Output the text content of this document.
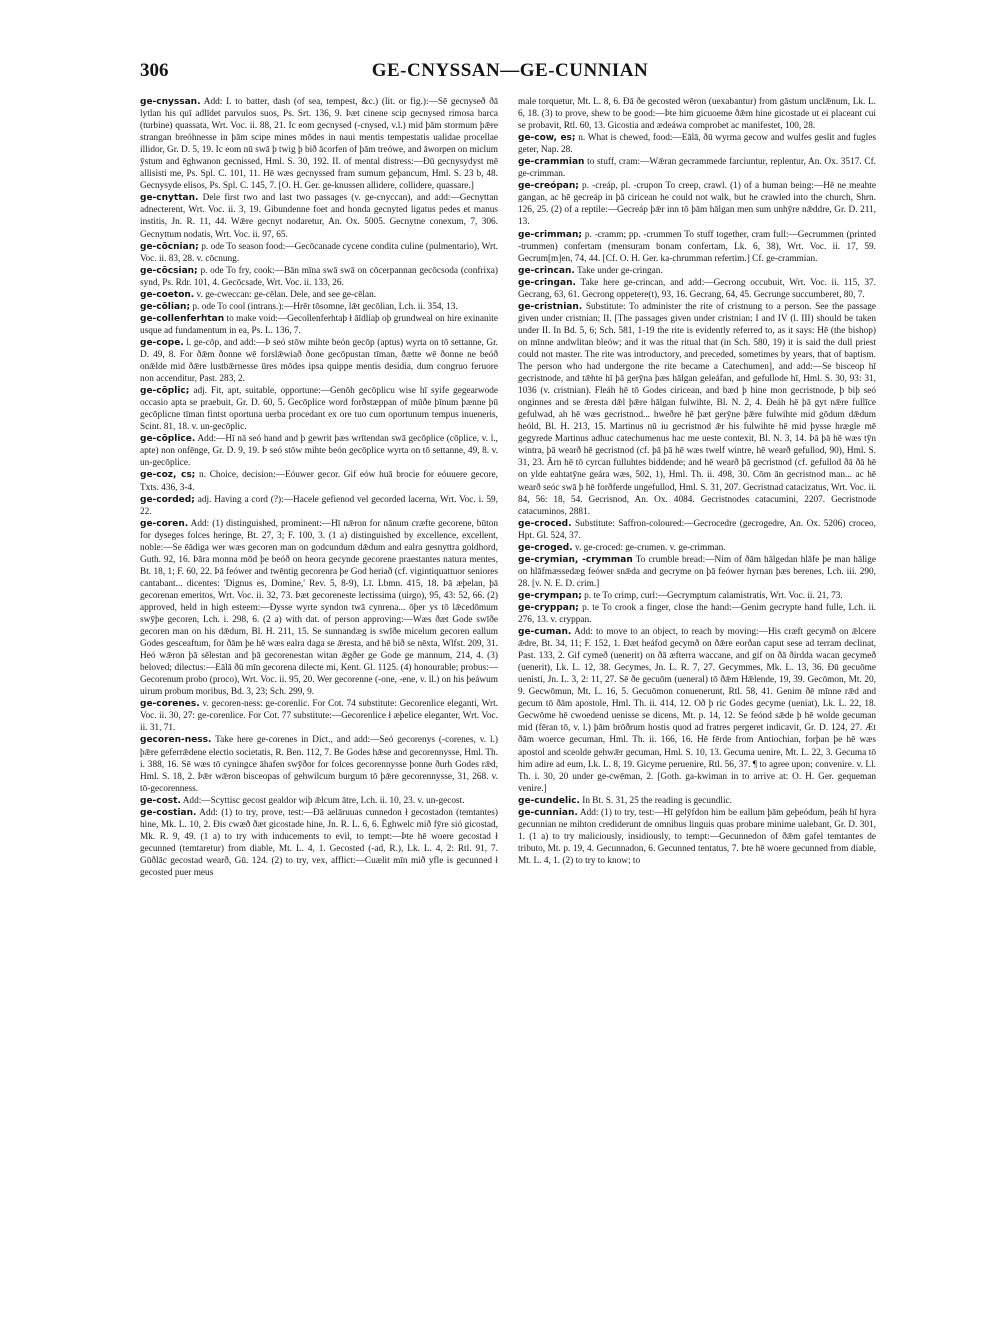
306	GE-CNYSSAN—GE-CUNNIAN

ge-cnyssan. Add: I. to batter, dash (of sea, tempest, &c.) (lit. or fig.):—Sē gecnyseð ðā lytlan his quī adlīdet parvulos suos, Ps. Srt. 136, 9. Þæt cinene scip gecnysed rimosa barca (turbine) quassata, Wrt. Voc. ii. 88, 21. Ic eom gecnysed (-cnysed, v.l.) mid þām stormum þǣre strangan breóhnesse in þām scipe mines mōdes in naui mentis tempestatis ualidae procellae illidor, Gr. D. 5, 19. Ic eom nū swā þ twig þ bið ācorfen of þām treówe, and āworpen on miclum ȳstum and ēghwanon gecnissed, Hml. S. 30, 192. II. of mental distress:—Ðū gecnysydyst mē allisisti me, Ps. Spl. C. 101, 11. Hē wæs gecnyssed fram sumum geþancum, Hml. S. 23 b, 48. Gecnysyde elisos, Ps. Spl. C. 145, 7. [O. H. Ger. ge-knussen allidere, collidere, quassare.]

ge-cnyttan. Dele first two and last two passages (v. ge-cnyccan), and add:—Gecnyttan adnecterent, Wrt. Voc. ii. 3, 19. Gibundenne foet and honda gecnyted ligatus pedes et manus institis, Jn. R. 11, 44. Wǣre gecnyt nodaretur, An. Ox. 5005. Gecnytne conexum, 7, 306. Gecnyttum nodatis, Wrt. Voc. ii. 97, 65.

ge-cōcnian; p. ode To season food:—Gecōcanade cycene condita culine (pulmentario), Wrt. Voc. ii. 83, 28. v. cōcnung.

ge-cōcsian; p. ode To fry, cook:—Bān mīna swā swā on cōcerpannan gecōcsoda (confrixa) synd, Ps. Rdr. 101, 4. Gecōcsade, Wrt. Voc. ii. 133, 26.

ge-coeton. v. ge-cweccan: ge-cēlan. Dele, and see ge-cēlan.

ge-cōlian; p. ode To cool (intrans.):—Hrēr tōsomne, lǣt gecōlian, Lch. ii. 354, 13.

ge-collenferhtan to make void:—Gecollenferhtaþ ł āīdliaþ oþ grundweal on hire exinanite usque ad fundamentum in ea, Ps. L. 136, 7.

ge-cope. l. ge-cōp, and add:—Þ seó stōw mihte beón gecōp (aptus) wyrta on tō settanne, Gr. D. 49, 8. For ðǣm ðonne wē forslǣwiað ðone gecōpustan tīman, ðætte wē ðonne ne beóð onǣlde mid ðǣre lustbǣrnesse ūres mōdes ipsa quippe mentis desidia, dum congruo feruore non accenditur, Past. 283, 2.

ge-cōplic; adj. Fit, apt, suitable, opportune:—Genōh gecōplicu wise hī syife gegearwode occasio apta se praebuit, Gr. D. 60, 5. Gecōplice word forðstæppan of mūðe þīnum þænne þū gecōplicne tīman fintst oportuna uerba procedant ex ore tuo cum oportunum tempus inueneris, Scint. 81, 18. v. un-gecōplic.

ge-cōplice. Add:—Hī nā seó hand and þ gewrit þæs wrītendan swā gecōplice (cōplice, v. l., apte) non onfēnge, Gr. D. 9, 19. Þ seó stōw mihte beón gecōplice wyrta on tō settanne, 49, 8. v. un-gecōplice.

ge-coz, cs; n. Choice, decision:—Eóuwer gecor. Gif eów huā brocie for eóuuere gecore, Txts. 436, 3-4.

ge-corded; adj. Having a cord (?):—Hacele gefienod vel gecorded lacerna, Wrt. Voc. i. 59, 22.

ge-coren. Add: (1) distinguished, prominent:—Hī nǣron for nānum cræfte gecorene, būton for dyseges folces heringe, Bt. 27, 3; F. 100, 3. (1 a) distinguished by excellence, excellent, noble:—Se ēādiga wer wæs gecoren man on godcundum dǣdum and ealra gesnyttra goldhord, Guth. 92, 16. Þāra monna mōd þe beóð on heora gecynde gecorene praestantes natura mentes, Bt. 18, 1; F. 60, 22. Þā feówer and twēntig gecorenra þe God heriað (cf. vigintiquattuor seniores cantabant... dicentes: 'Dignus es, Domine,' Rev. 5, 8-9), Lī. Lbmn. 415, 18. Þā æþelan, þā gecorenan emeritos, Wrt. Voc. ii. 32, 73. Þæt gecoreneste lectissima (uirgo), 95, 43: 52, 66. (2) approved, held in high esteem:—Ðysse wyrte syndon twā cynrena... ōþer ys tō lǣcedōmum swȳþe gecoren, Lch. i. 298, 6. (2 a) with dat. of person approving:—Wæs ðæt Gode swīðe gecoren man on his dǣdum, Bl. H. 211, 15. Se sunnandæg is swīðe micelum gecoren eallum Godes gesceaftum, for ðām þe hē wæs ealra daga se ǣresta, and hē bið se nēxta, Wlfst. 209, 31. Heó wǣron þā sēlestan and þā gecorenestan witan ǣgðer ge Gode ge mannum, 214, 4. (3) beloved; dilectus:—Eālā ðū mīn gecorena dilecte mi, Kent. Gl. 1125. (4) honourable; probus:—Gecorenum probo (proco), Wrt. Voc. ii. 95, 20. Wer gecorenne (-one, -ene, v. ll.) on his þeáwum uirum probum moribus, Bd. 3, 23; Sch. 299, 9.

ge-corenes. v. gecoren-ness: ge-corenlic. For Cot. 74 substitute: Gecorenlice eleganti, Wrt. Voc. ii. 30, 27: ge-corenlice. For Cot. 77 substitute:—Gecorenlice ł æþelice eleganter, Wrt. Voc. ii. 31, 71.

gecoren-ness. Take here ge-corenes in Dict., and add:—Seó gecorenys (-corenes, v. l.) þǣre geferrǣdene electio societatis, R. Ben. 112, 7. Be Godes hǣse and gecorennysse, Hml. Th. i. 388, 16. Sē wæs tō cyningce āhafen swȳðor for folces gecorennysse þonne ðurh Godes rǣd, Hml. S. 18, 2. Þǣr wǣron bisceopas of gehwilcum burgum tō þǣre gecorennysse, 31, 268. v. tō-gecorenness.

ge-cost. Add:—Scyttisc gecost gealdor wiþ ǣlcum ātre, Lch. ii. 10, 23. v. un-gecost.

ge-costian. Add: (1) to try, prove, test:—Ðā aelāruuas cunnedon ł gecostadon (temtantes) hine, Mk. L. 10, 2. Ðis cwæð ðæt gicostade hine, Jn. R. L. 6, 6. Ēghwelc mið fȳre sió gicostad, Mk. R. 9, 49. (1 a) to try with inducements to evil, to tempt:—Þte hē woere gecostad ł gecunned (temtaretur) from diable, Mt. L. 4, 1. Gecosted (-ad, R.), Lk. L. 4, 2: Rtl. 91, 7. Gūðlāc gecostad wearð, Gū. 124. (2) to try, vex, afflict:—Cuælit mīn mið yfle is gecunned ł gecosted puer meus

male torquetur, Mt. L. 8, 6. Ðā ðe gecosted wēron (uexabantur) from gāstum unclǣnum, Lk. L. 6, 18. (3) to prove, shew to be good:—Þte him gicuoeme ðǣm hine gicostade ut ei placeant cui se probavit, Rtl. 60, 13. Gicostia and ædeáwa comprobet ac manifestet, 100, 28.

ge-cow, es; n. What is chewed, food:—Eālā, ðū wyrma gecow and wulfes geslit and fugles geter, Nap. 28.

ge-crammian to stuff, cram:—Wǣran gecrammede farciuntur, replentur, An. Ox. 3517. Cf. ge-crimman.

ge-creópan; p. -creáp, pl. -crupon To creep, crawl. (1) of a human being:—Hē ne meahte gangan, ac hē gecreáp in þā ciricean he could not walk, but he crawled into the church, Shrn. 126, 25. (2) of a reptile:—Gecreáp þǣr inn tō þām hālgan men sum unhȳre nǣddre, Gr. D. 211, 13.

ge-crimman; p. -cramm; pp. -crummen To stuff together, cram full:—Gecrummen (printed -trummen) confertam (mensuram bonam confertam, Lk. 6, 38), Wrt. Voc. ii. 17, 59. Gecrum[m]en, 74, 44. [Cf. O. H. Ger. ka-chrumman refertim.] Cf. ge-crammian.

ge-crincan. Take under ge-cringan.

ge-cringan. Take here ge-crincan, and add:—Gecrong occubuit, Wrt. Voc. ii. 115, 37. Gecrang, 63, 61. Gecrong oppetere(t), 93, 16. Gecrang, 64, 45. Gecrunge succumberet, 80, 7.

ge-cristnian. Substitute: To administer the rite of cristnung to a person. See the passage given under cristnian; II. [The passages given under cristnian; I and IV (l. III) should be taken under II. In Bd. 5, 6; Sch. 581, 1-19 the rite is evidently referred to, as it says: Hē (the bishop) on mīnne andwlitan bleów; and it was the ritual that (in Sch. 580, 19) it is said the dull priest could not master. The rite was introductory, and preceded, sometimes by years, that of baptism. The person who had undergone the rite became a Catechumen], and add:—Se bisceop hī gecristnode, and tǣhte hī þā gerȳna þæs hālgan geleáfan, and gefullode hī, Hml. S. 30, 93: 31, 1036 (v. cristnian). Fleáh hē tō Godes ciricean, and bæd þ hine mon gecristnode, þ biþ seó onginnes and se ǣresta dǣl þǣre hālgan fulwihte, Bl. N. 2, 4. Ðeáh hē þā gyt nǣre fullīce gefulwad, ah hē wæs gecristnod... hweðre hē þæt gerȳne þǣre fulwihte mid gōdum dǣdum heóld, Bl. H. 213, 15. Martinus nū iu gecristnod ǣr his fulwihte hē mid þysse hrægle mē gegyrede Martinus adhuc catechumenus hac me ueste contexit, Bl. N. 3, 14. Þā þā hē wæs tȳn wintra, þā wearð hē gecristnod (cf. þā þā hē wæs twelf wintre, hē wearð gefullod, 90), Hml. S. 31, 23. Ārn hē tō cyrcan fulluhtes biddende; and hē wearð þā gecristnod (cf. gefullod ðā ðā hē on ylde eahtatȳne geára wæs, 502, 1), Hml. Th. ii. 498, 30. Cōm ān gecristnod man... ac hē wearð seóc swā þ hē forðferde ungefullod, Hml. S. 31, 207. Gecristnad catacizatus, Wrt. Voc. ii. 84, 56: 18, 54. Gecrisnod, An. Ox. 4084. Gecristnodes catacumini, 2207. Gecristnode catacuminos, 2881.

ge-croced. Substitute: Saffron-coloured:—Gecrocedre (gecrogedre, An. Ox. 5206) croceo, Hpt. Gl. 524, 37.

ge-croged. v. ge-croced: ge-crumen. v. ge-crimman.

ge-crymian, -crymman To crumble bread:—Nim of ðām hālgedan hlāfe þe man hālige on hlāfmæssedæg feówer snǣda and gecryme on þā feówer hyrnan þæs berenes, Lch. iii. 290, 28. [v. N. E. D. crim.]

ge-crympan; p. te To crimp, curl:—Gecrymptum calamistratis, Wrt. Voc. ii. 21, 73.

ge-cryppan; p. te To crook a finger, close the hand:—Genim gecrypte hand fulle, Lch. ii. 276, 13. v. cryppan.

ge-cuman. Add: to move to an object, to reach by moving:—His cræft gecymð on ǣlcere ǣdre, Bt. 34, 11; F. 152, 1. Ðæt heáfod gecymð on ðǣre eorðan caput sese ad terram declinat, Past. 133, 2. Gif cymeð (uenerit) on ðā æfterra waccane, and gif on ðā ðirdda wacan gecymeð (uenerit), Lk. L. 12, 38. Gecymes, Jn. L. R. 7, 27. Gecymmes, Mk. L. 13, 36. Ðū gecuōme uenisti, Jn. L. 3, 2: 11, 27. Sē ðe gecuōm (ueneral) tō ðǣm Hǣlende, 19, 39. Gecōmon, Mt. 20, 9. Gecwōmun, Mt. L. 16, 5. Gecuōmon conuenerunt, Rtl. 58, 41. Genim ðē mīnne rǣd and gecum tō ðām apostole, Hml. Th. ii. 414, 12. Oð þ ric Godes gecyme (ueniat), Lk. L. 22, 18. Gecwōme hē cwoedend uenisse se dicens, Mt. p. 14, 12. Se feónd sǣde þ hē wolde gecuman mid (fēran tō, v. l.) þām brōðrum hostis quod ad fratres pergeret indicavit, Gr. D. 124, 27. Æt ðām woerce gecuman, Hml. Th. ii. 166, 16. Hē fērde from Antiochian, forþan þe hē wæs apostol and sceolde gehwǣr gecuman, Hml. S. 10, 13. Gecuma uenire, Mt. L. 22, 3. Gecuma tō him adire ad eum, Lk. L. 8, 19. Gicyme peruenire, Rtl. 56, 37. ¶ to agree upon; convenire. v. Ll. Th. i. 30, 20 under ge-cwēman, 2. [Goth. ga-kwiman in to arrive at: O. H. Ger. gequeman venire.]

ge-cundelic. In Bt. S. 31, 25 the reading is gecundlic.

ge-cunnian. Add: (1) to try, test:—Hī gelȳfdon him be eallum þām geþeódum, þeáh hī hyra gecunnian ne mihton crediderunt de omnibus linguis quas probare minime ualebant, Gr. D. 301, 1. (1 a) to try maliciously, insidiously, to tempt:—Gecunnedon of ðǣm gafel temtantes de tributo, Mt. p. 19, 4. Gecunnadon, 6. Gecunned tentatus, 7. Þte hē woere gecunned from diable, Mt. L. 4, 1. (2) to try to know; to
